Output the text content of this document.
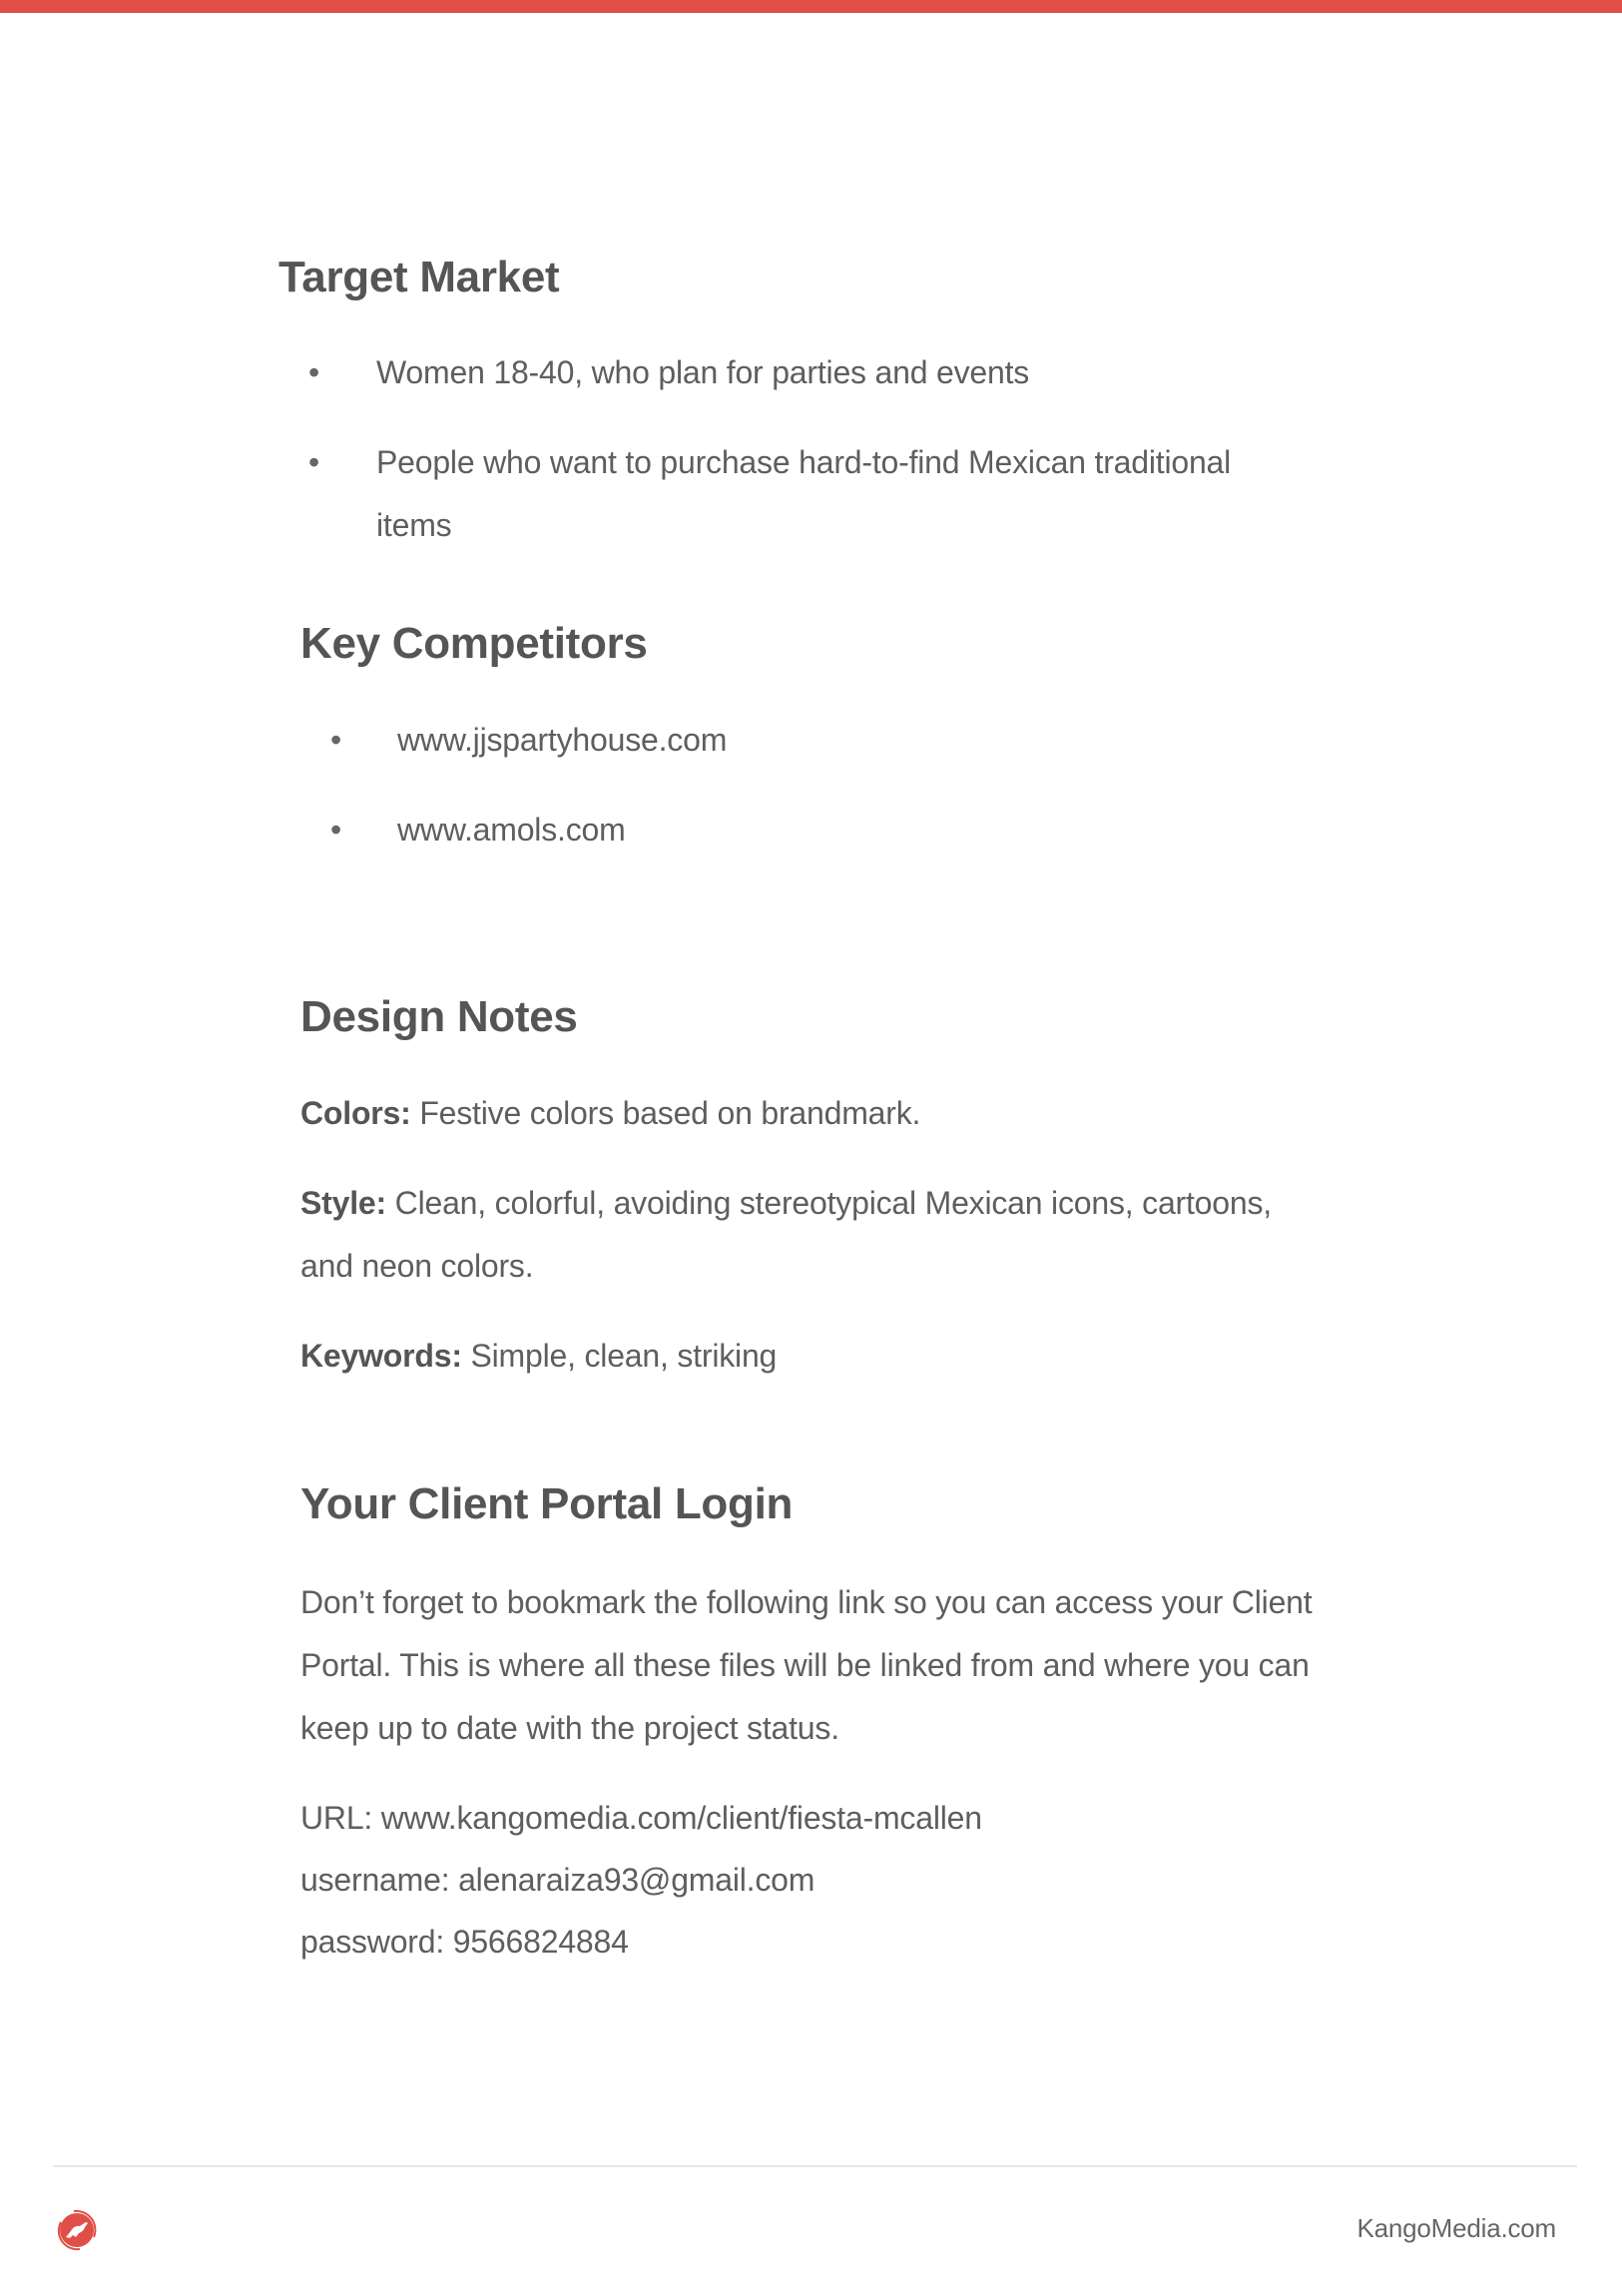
Target Market
• Women 18-40, who plan for parties and events

• People who want to purchase hard-to-find Mexican traditional

items

Key Competitors
• www.jjspartyhouse.com

• www.amols.com

Design Notes

Colors: Festive colors based on brandmark.

Style: Clean, colorful, avoiding stereotypical Mexican icons, cartoons,

and neon colors.

Keywords: Simple, clean, striking

Your Client Portal Login

Don’t forget to bookmark the following link so you can access your Client

Portal. This is where all these files will be linked from and where you can

keep up to date with the project status.

URL: www.kangomedia.com/client/fiesta-mcallen

username: alenaraiza93@gmail.com

password: 9566824884

KangoMedia.com
